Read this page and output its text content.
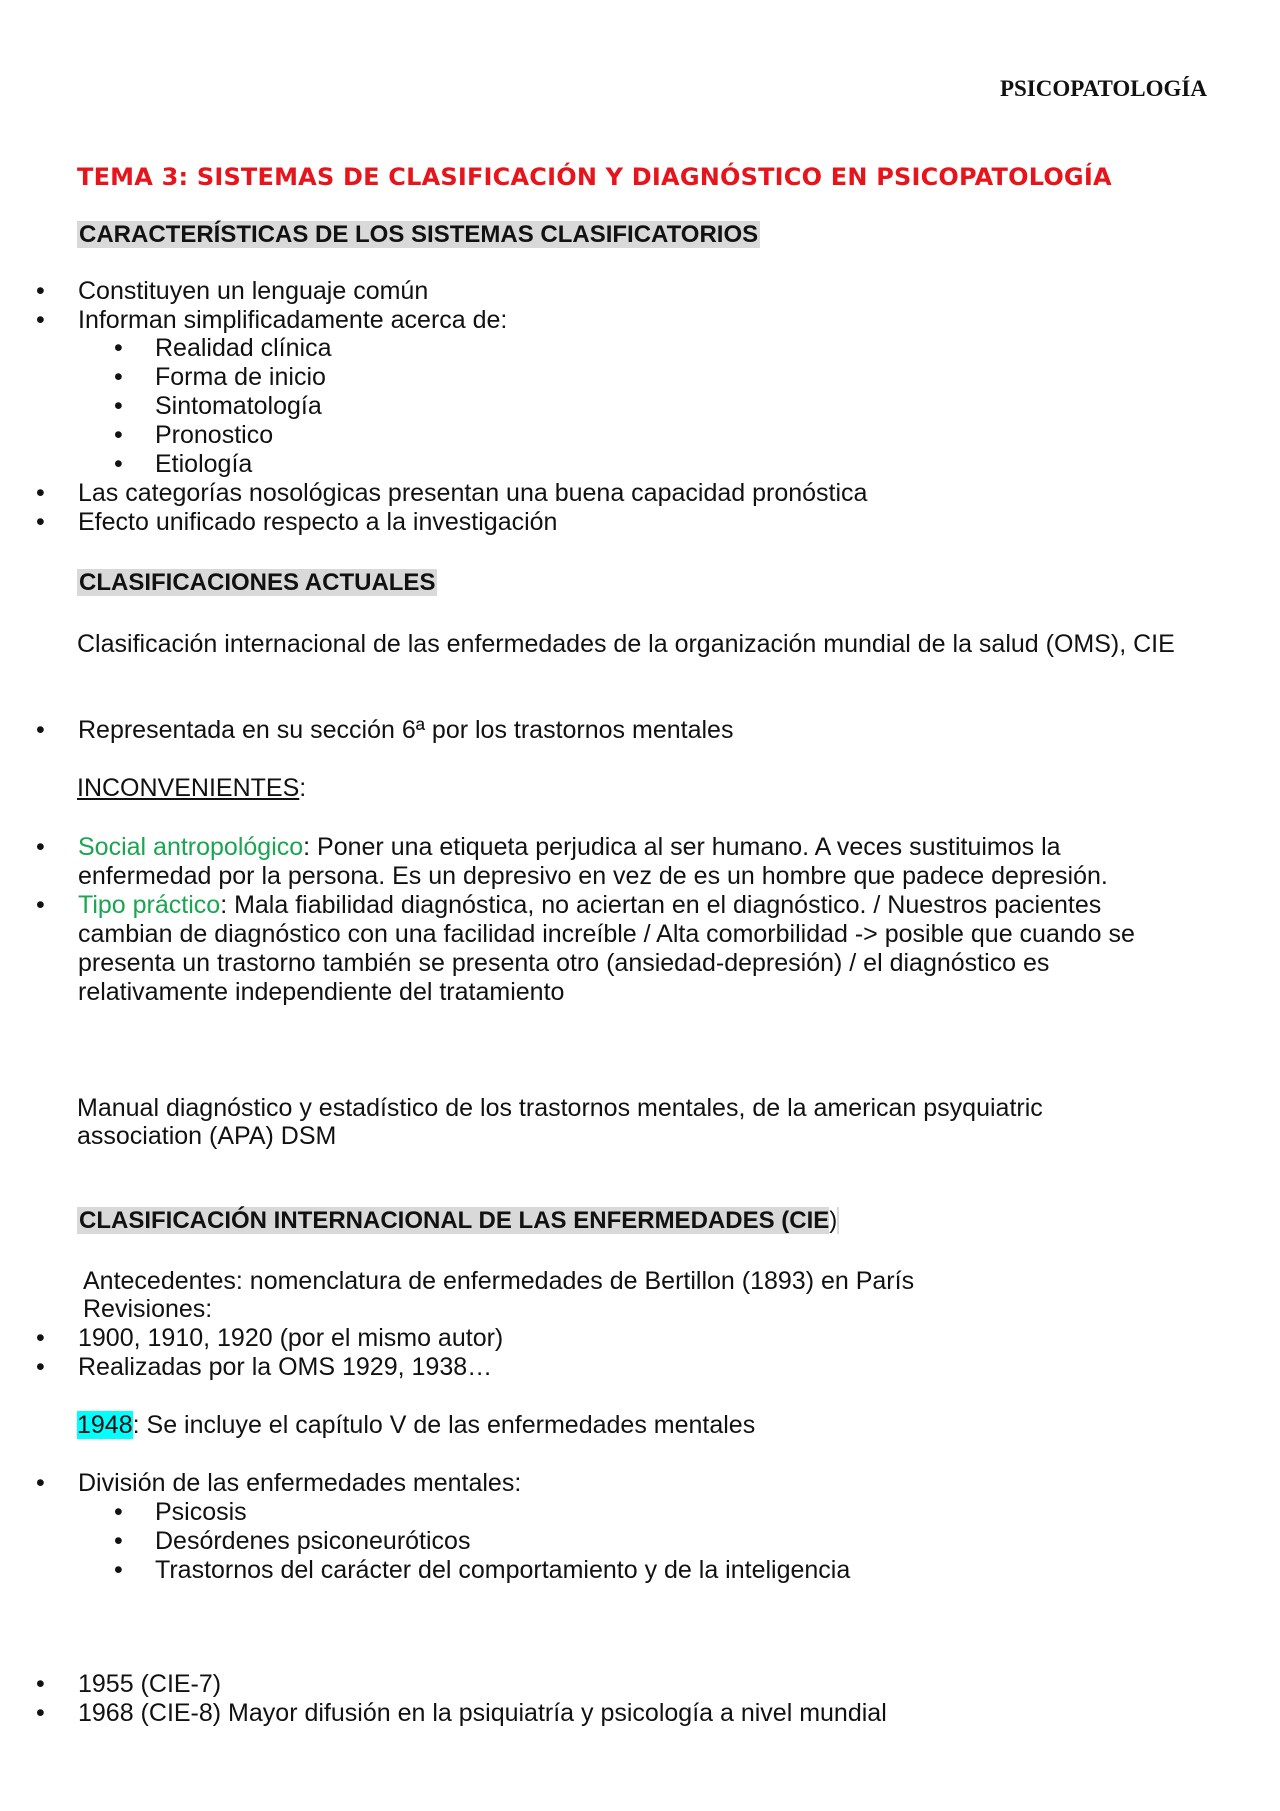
PSICOPATOLOGÍA
TEMA 3: SISTEMAS DE CLASIFICACIÓN Y DIAGNÓSTICO EN PSICOPATOLOGÍA
CARACTERÍSTICAS DE LOS SISTEMAS CLASIFICATORIOS
• Constituyen un lenguaje común
• Informan simplificadamente acerca de:
• Realidad clínica
• Forma de inicio
• Sintomatología
• Pronostico
• Etiología
• Las categorías nosológicas presentan una buena capacidad pronóstica
• Efecto unificado respecto a la investigación
CLASIFICACIONES ACTUALES

Clasificación internacional de las enfermedades de la organización mundial de la salud (OMS), CIE

• Representada en su sección 6ª por los trastornos mentales
INCONVENIENTES:
• Social antropológico: Poner una etiqueta perjudica al ser humano. A veces sustituimos la enfermedad por la persona. Es un depresivo en vez de es un hombre que padece depresión.
• Tipo práctico: Mala fiabilidad diagnóstica, no aciertan en el diagnóstico. / Nuestros pacientes cambian de diagnóstico con una facilidad increíble / Alta comorbilidad -> posible que cuando se presenta un trastorno también se presenta otro (ansiedad-depresión) / el diagnóstico es relativamente independiente del tratamiento

Manual diagnóstico y estadístico de los trastornos mentales, de la american psyquiatric association (APA) DSM

CLASIFICACIÓN INTERNACIONAL DE LAS ENFERMEDADES (CIE)

Antecedentes: nomenclatura de enfermedades de Bertillon (1893) en París

Revisiones:

• 1900, 1910, 1920 (por el mismo autor)
• Realizadas por la OMS 1929, 1938…
1948: Se incluye el capítulo V de las enfermedades mentales
• División de las enfermedades mentales:
• Psicosis
• Desórdenes psiconeuróticos
• Trastornos del carácter del comportamiento y de la inteligencia
• 1955 (CIE-7)
• 1968 (CIE-8) Mayor difusión en la psiquiatría y psicología a nivel mundial
